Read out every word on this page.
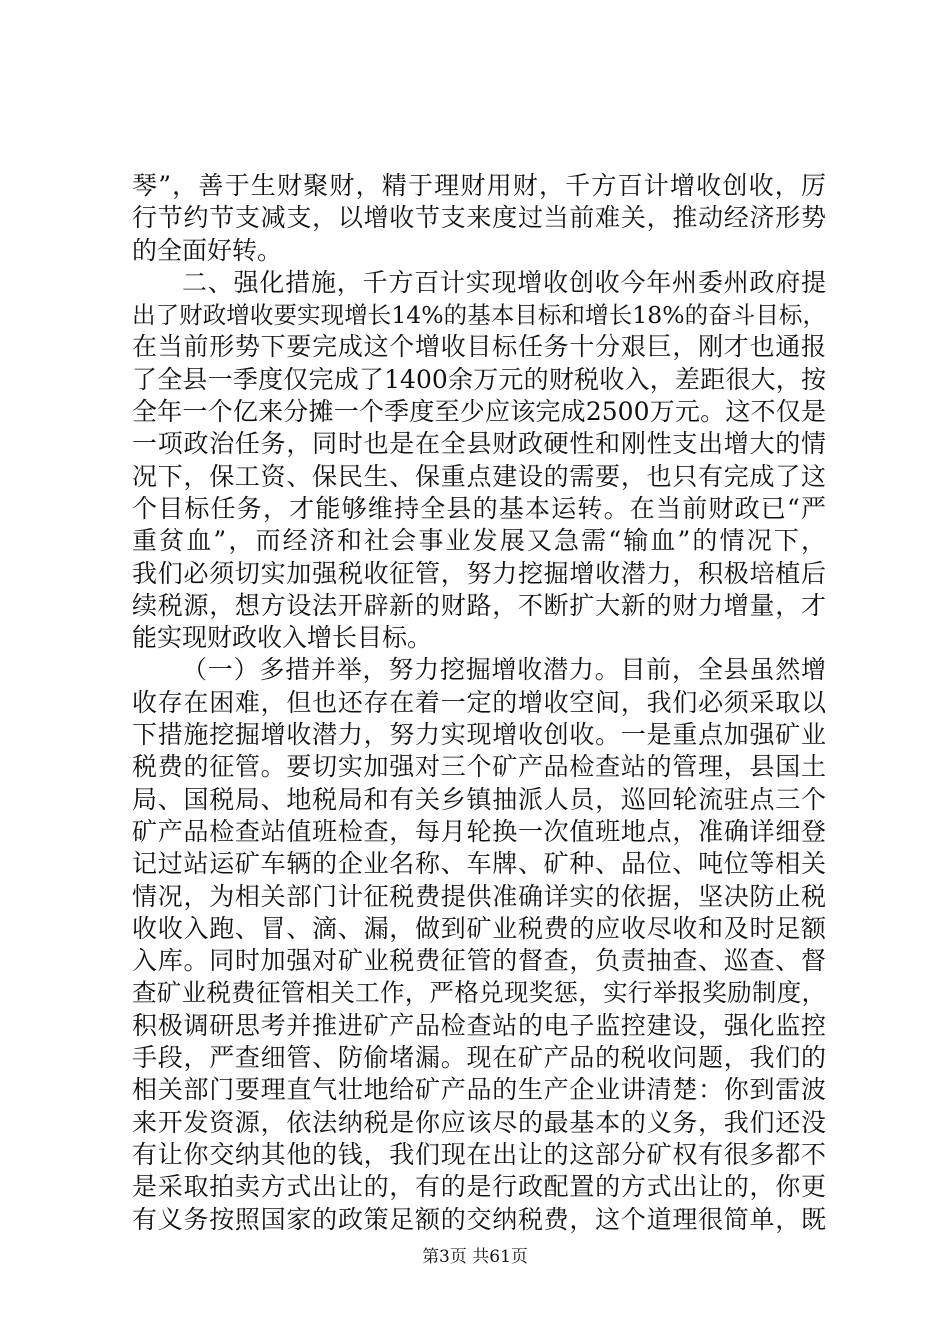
琴”，善于生财聚财，精于理财用财，千方百计增收创收，厉
行节约节支减支，以增收节支来度过当前难关，推动经济形势
的全面好转。
二、强化措施，千方百计实现增收创收今年州委州政府提
出了财政增收要实现增长14%的基本目标和增长18%的奋斗目标，
在当前形势下要完成这个增收目标任务十分艰巨，刚才也通报
了全县一季度仅完成了1400余万元的财税收入，差距很大，按
全年一个亿来分摊一个季度至少应该完成2500万元。这不仅是
一项政治任务，同时也是在全县财政硬性和刚性支出增大的情
况下，保工资、保民生、保重点建设的需要，也只有完成了这
个目标任务，才能够维持全县的基本运转。在当前财政已“严
重贫血”，而经济和社会事业发展又急需“输血”的情况下，
我们必须切实加强税收征管，努力挖掘增收潜力，积极培植后
续税源，想方设法开辟新的财路，不断扩大新的财力增量，才
能实现财政收入增长目标。
（一）多措并举，努力挖掘增收潜力。目前，全县虽然增
收存在困难，但也还存在着一定的增收空间，我们必须采取以
下措施挖掘增收潜力，努力实现增收创收。一是重点加强矿业
税费的征管。要切实加强对三个矿产品检查站的管理，县国土
局、国税局、地税局和有关乡镇抽派人员，巡回轮流驻点三个
矿产品检查站值班检查，每月轮换一次值班地点，准确详细登
记过站运矿车辆的企业名称、车牌、矿种、品位、吨位等相关
情况，为相关部门计征税费提供准确详实的依据，坚决防止税
收收入跑、冒、滴、漏，做到矿业税费的应收尽收和及时足额
入库。同时加强对矿业税费征管的督查，负责抽查、巡查、督
查矿业税费征管相关工作，严格兑现奖惩，实行举报奖励制度，
积极调研思考并推进矿产品检查站的电子监控建设，强化监控
手段，严查细管、防偷堵漏。现在矿产品的税收问题，我们的
相关部门要理直气壮地给矿产品的生产企业讲清楚：你到雷波
来开发资源，依法纳税是你应该尽的最基本的义务，我们还没
有让你交纳其他的钱，我们现在出让的这部分矿权有很多都不
是采取拍卖方式出让的，有的是行政配置的方式出让的，你更
有义务按照国家的政策足额的交纳税费，这个道理很简单，既
第3页 共61页
